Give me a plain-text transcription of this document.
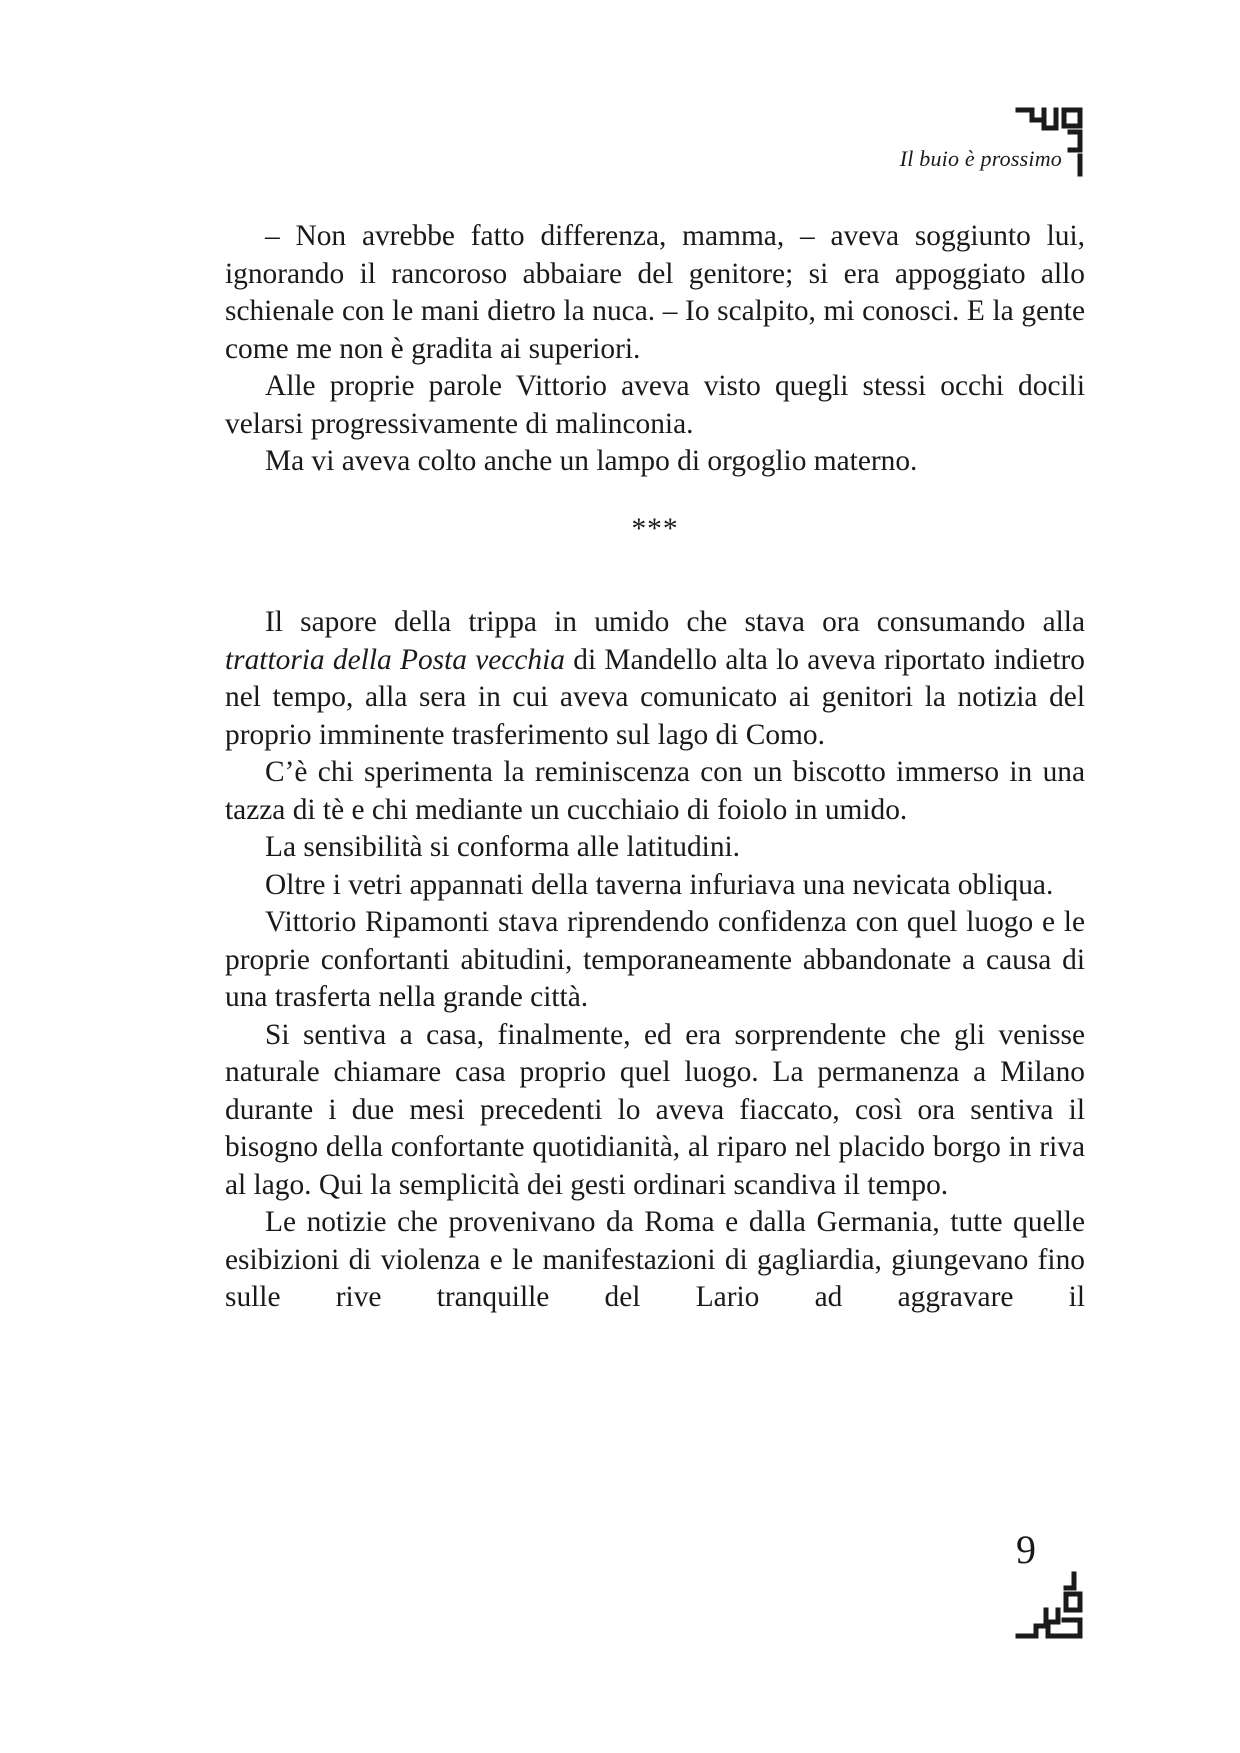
Il buio è prossimo

– Non avrebbe fatto differenza, mamma, – aveva soggiunto lui, ignorando il rancoroso abbaiare del genitore; si era appoggiato allo schienale con le mani dietro la nuca. – Io scalpito, mi conosci. E la gente come me non è gradita ai superiori.

Alle proprie parole Vittorio aveva visto quegli stessi occhi docili velarsi progressivamente di malinconia.

Ma vi aveva colto anche un lampo di orgoglio materno.

***

Il sapore della trippa in umido che stava ora consumando alla trattoria della Posta vecchia di Mandello alta lo aveva riportato indietro nel tempo, alla sera in cui aveva comunicato ai genitori la notizia del proprio imminente trasferimento sul lago di Como.

C’è chi sperimenta la reminiscenza con un biscotto immerso in una tazza di tè e chi mediante un cucchiaio di foiolo in umido.

La sensibilità si conforma alle latitudini.

Oltre i vetri appannati della taverna infuriava una nevicata obliqua.

Vittorio Ripamonti stava riprendendo confidenza con quel luogo e le proprie confortanti abitudini, temporaneamente abbandonate a causa di una trasferta nella grande città.

Si sentiva a casa, finalmente, ed era sorprendente che gli venisse naturale chiamare casa proprio quel luogo. La permanenza a Milano durante i due mesi precedenti lo aveva fiaccato, così ora sentiva il bisogno della confortante quotidianità, al riparo nel placido borgo in riva al lago. Qui la semplicità dei gesti ordinari scandiva il tempo.

Le notizie che provenivano da Roma e dalla Germania, tutte quelle esibizioni di violenza e le manifestazioni di gagliardia, giungevano fino sulle rive tranquille del Lario ad aggravare il

9
